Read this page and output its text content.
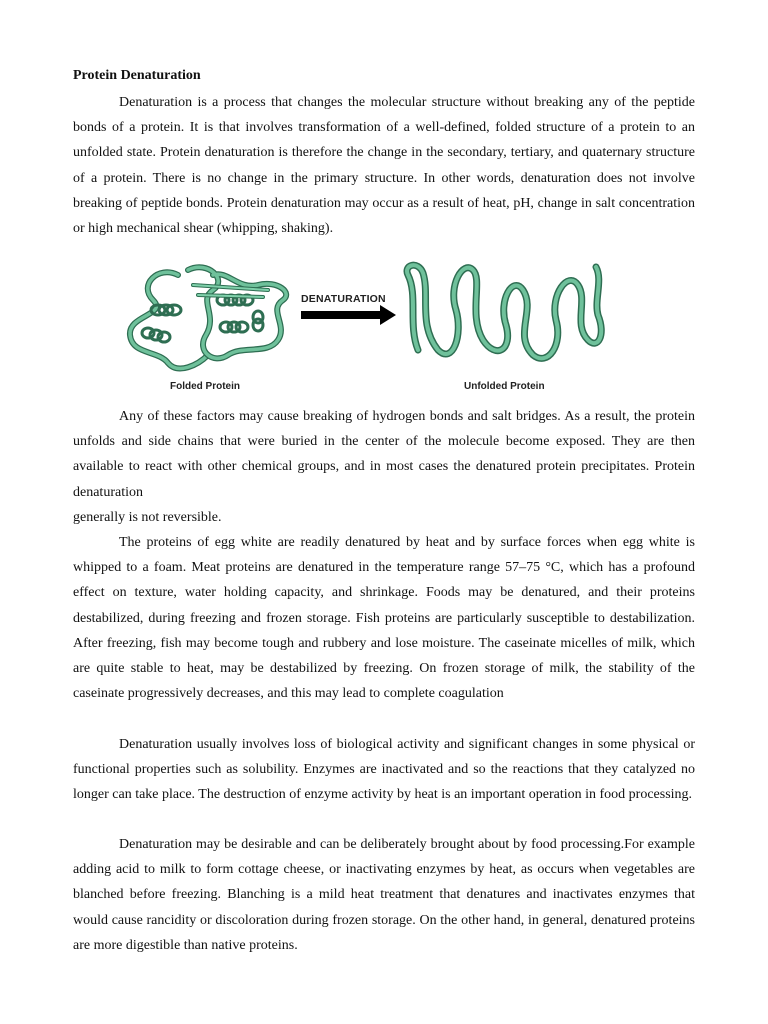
Protein Denaturation

Denaturation is a process that changes the molecular structure without breaking any of the peptide bonds of a protein. It is that involves transformation of a well-defined, folded structure of a protein to an unfolded state. Protein denaturation is therefore the change in the secondary, tertiary, and quaternary structure of a protein. There is no change in the primary structure. In other words, denaturation does not involve breaking of peptide bonds. Protein denaturation may occur as a result of heat, pH, change in salt concentration or high mechanical shear (whipping, shaking).

DENATURATION
Folded Protein	Unfolded Protein

Any of these factors may cause breaking of hydrogen bonds and salt bridges. As a result, the protein unfolds and side chains that were buried in the center of the molecule become exposed. They are then available to react with other chemical groups, and in most cases the denatured protein precipitates. Protein denaturation

generally is not reversible.

The proteins of egg white are readily denatured by heat and by surface forces when egg white is whipped to a foam. Meat proteins are denatured in the temperature range 57–75 °C, which has a profound effect on texture, water holding capacity, and shrinkage. Foods may be denatured, and their proteins destabilized, during freezing and frozen storage. Fish proteins are particularly susceptible to destabilization. After freezing, fish may become tough and rubbery and lose moisture. The caseinate micelles of milk, which are quite stable to heat, may be destabilized by freezing. On frozen storage of milk, the stability of the caseinate progressively decreases, and this may lead to complete coagulation

Denaturation usually involves loss of biological activity and significant changes in some physical or functional properties such as solubility. Enzymes are inactivated and so the reactions that they catalyzed no longer can take place. The destruction of enzyme activity by heat is an important operation in food processing.

Denaturation may be desirable and can be deliberately brought about by food processing.For example adding acid to milk to form cottage cheese, or inactivating enzymes by heat, as occurs when vegetables are blanched before freezing. Blanching is a mild heat treatment that denatures and inactivates enzymes that would cause rancidity or discoloration during frozen storage. On the other hand, in general, denatured proteins are more digestible than native proteins.
